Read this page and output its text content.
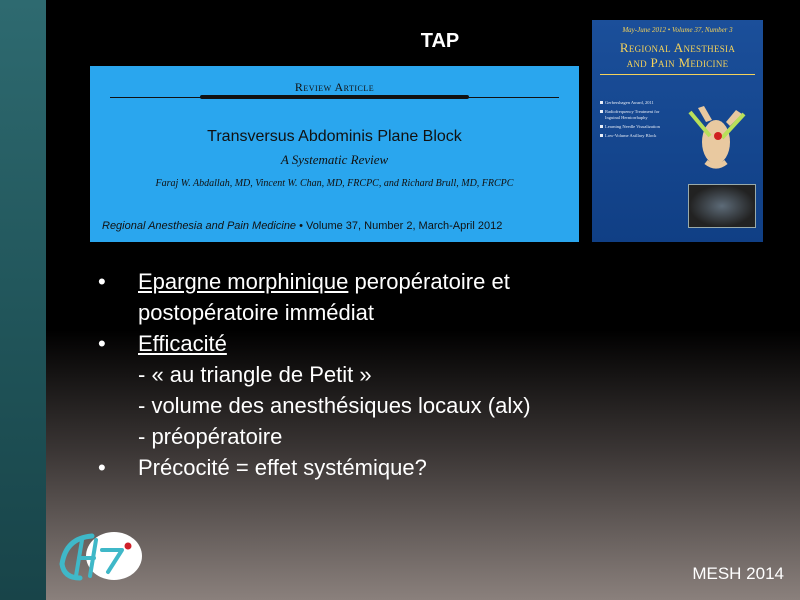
TAP
Review Article
Transversus Abdominis Plane Block
A Systematic Review
Faraj W. Abdallah, MD, Vincent W. Chan, MD, FRCPC, and Richard Brull, MD, FRCPC
Regional Anesthesia and Pain Medicine • Volume 37, Number 2, March-April 2012
May-June 2012 • Volume 37, Number 3
Regional Anesthesia
and Pain Medicine
Gerbershagen Award, 2011
Radiofrequency Treatment for Inguinal Herniorrhaphy
Learning Needle Visualization
Low-Volume Axillary Block
• Epargne morphinique peropératoire et
postopératoire immédiat
• Efficacité
- « au triangle de Petit »
- volume des anesthésiques locaux (alx)
- préopératoire
• Précocité = effet systémique?
MESH 2014
